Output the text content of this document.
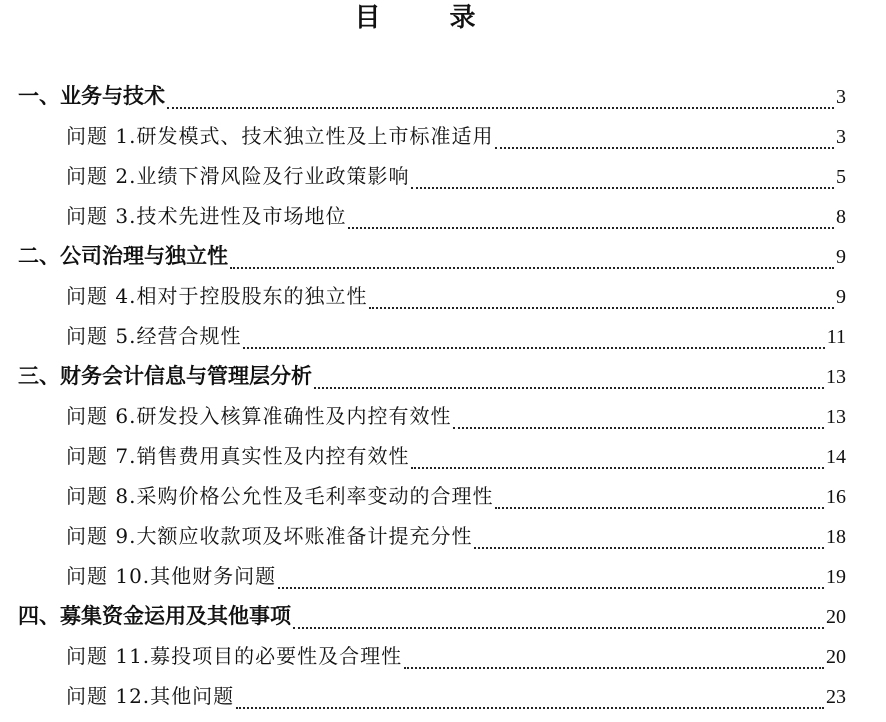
目 录
一、业务与技术	3
问题 1.研发模式、技术独立性及上市标准适用	3
问题 2.业绩下滑风险及行业政策影响	5
问题 3.技术先进性及市场地位	8
二、公司治理与独立性	9
问题 4.相对于控股股东的独立性	9
问题 5.经营合规性	11
三、财务会计信息与管理层分析	13
问题 6.研发投入核算准确性及内控有效性	13
问题 7.销售费用真实性及内控有效性	14
问题 8.采购价格公允性及毛利率变动的合理性	16
问题 9.大额应收款项及坏账准备计提充分性	18
问题 10.其他财务问题	19
四、募集资金运用及其他事项	20
问题 11.募投项目的必要性及合理性	20
问题 12.其他问题	23
